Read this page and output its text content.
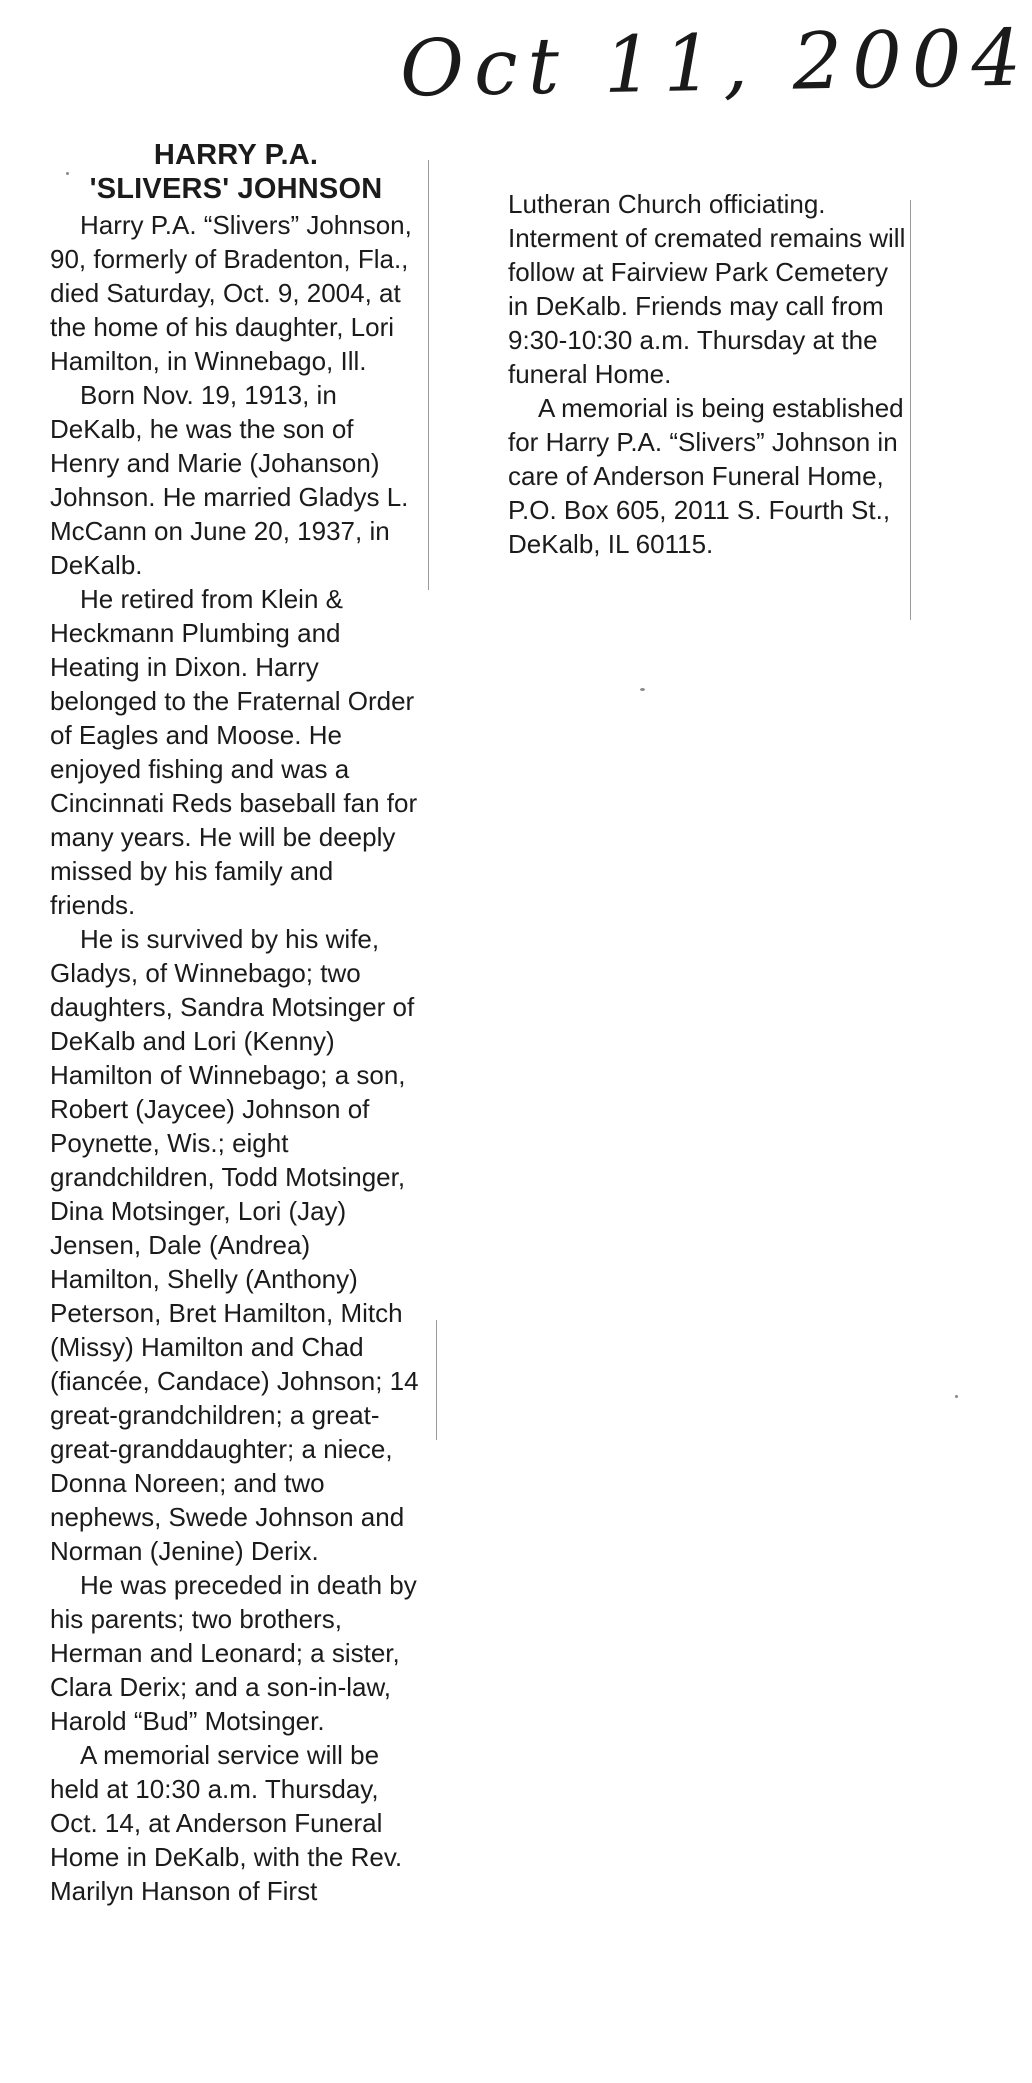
Oct 11, 2004

HARRY P.A.

'SLIVERS' JOHNSON

Harry P.A. “Slivers” Johnson, 90, formerly of Bradenton, Fla., died Saturday, Oct. 9, 2004, at the home of his daughter, Lori Hamilton, in Winnebago, Ill.

Born Nov. 19, 1913, in DeKalb, he was the son of Henry and Marie (Johanson) Johnson. He married Gladys L. McCann on June 20, 1937, in DeKalb.

He retired from Klein & Heckmann Plumbing and Heating in Dixon. Harry belonged to the Fraternal Order of Eagles and Moose. He enjoyed fishing and was a Cincinnati Reds baseball fan for many years. He will be deeply missed by his family and friends.

He is survived by his wife, Gladys, of Winnebago; two daughters, Sandra Motsinger of DeKalb and Lori (Kenny) Hamilton of Winnebago; a son, Robert (Jaycee) Johnson of Poynette, Wis.; eight grandchildren, Todd Motsinger, Dina Motsinger, Lori (Jay) Jensen, Dale (Andrea) Hamilton, Shelly (Anthony) Peterson, Bret Hamilton, Mitch (Missy) Hamilton and Chad (fiancée, Candace) Johnson; 14 great-grandchildren; a great-great-granddaughter; a niece, Donna Noreen; and two nephews, Swede Johnson and Norman (Jenine) Derix.

He was preceded in death by his parents; two brothers, Herman and Leonard; a sister, Clara Derix; and a son-in-law, Harold “Bud” Motsinger.

A memorial service will be held at 10:30 a.m. Thursday, Oct. 14, at Anderson Funeral Home in DeKalb, with the Rev. Marilyn Hanson of First

Lutheran Church officiating. Interment of cremated remains will follow at Fairview Park Cemetery in DeKalb. Friends may call from 9:30-10:30 a.m. Thursday at the funeral Home.

A memorial is being established for Harry P.A. “Slivers” Johnson in care of Anderson Funeral Home, P.O. Box 605, 2011 S. Fourth St., DeKalb, IL 60115.
